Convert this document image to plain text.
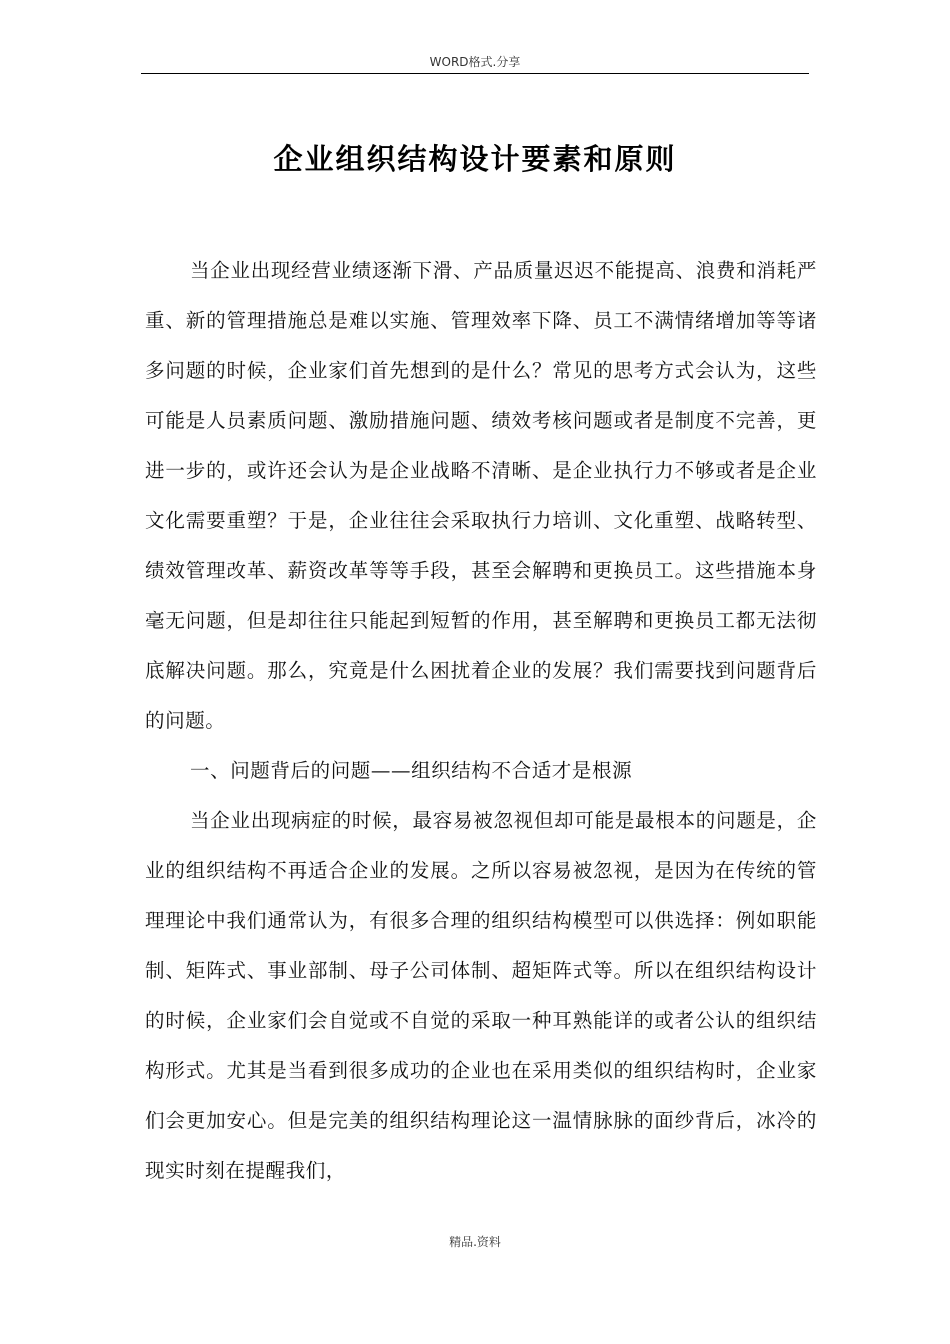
WORD格式.分享
企业组织结构设计要素和原则

当企业出现经营业绩逐渐下滑、产品质量迟迟不能提高、浪费和消耗严重、新的管理措施总是难以实施、管理效率下降、员工不满情绪增加等等诸多问题的时候，企业家们首先想到的是什么？常见的思考方式会认为，这些可能是人员素质问题、激励措施问题、绩效考核问题或者是制度不完善，更进一步的，或许还会认为是企业战略不清晰、是企业执行力不够或者是企业文化需要重塑？于是，企业往往会采取执行力培训、文化重塑、战略转型、绩效管理改革、薪资改革等等手段，甚至会解聘和更换员工。这些措施本身毫无问题，但是却往往只能起到短暂的作用，甚至解聘和更换员工都无法彻底解决问题。那么，究竟是什么困扰着企业的发展？我们需要找到问题背后的问题。

一、问题背后的问题——组织结构不合适才是根源

当企业出现病症的时候，最容易被忽视但却可能是最根本的问题是，企业的组织结构不再适合企业的发展。之所以容易被忽视，是因为在传统的管理理论中我们通常认为，有很多合理的组织结构模型可以供选择：例如职能制、矩阵式、事业部制、母子公司体制、超矩阵式等。所以在组织结构设计的时候，企业家们会自觉或不自觉的采取一种耳熟能详的或者公认的组织结构形式。尤其是当看到很多成功的企业也在采用类似的组织结构时，企业家们会更加安心。但是完美的组织结构理论这一温情脉脉的面纱背后，冰冷的现实时刻在提醒我们，

精品.资料
